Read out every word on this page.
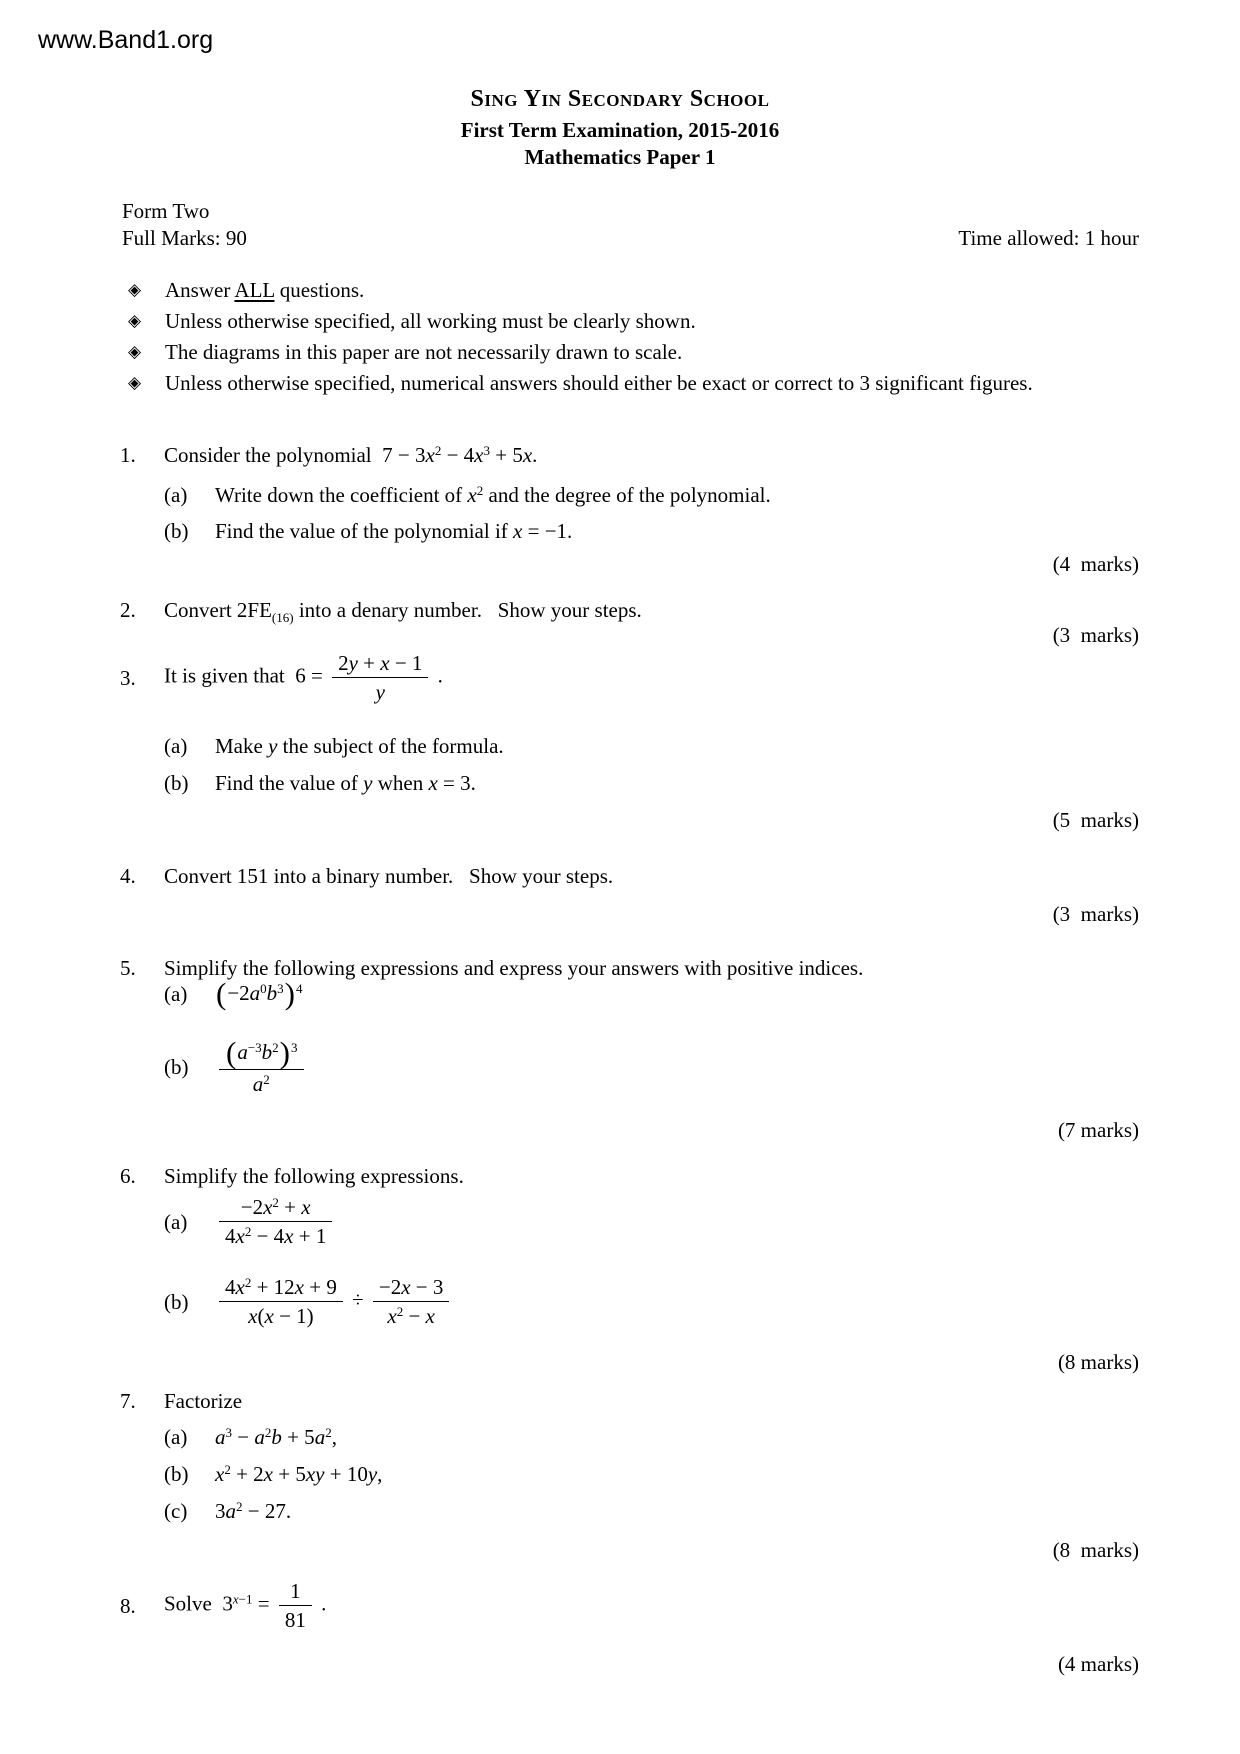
www.Band1.org
Sing Yin Secondary School
First Term Examination, 2015-2016
Mathematics Paper 1
Form Two
Full Marks: 90	Time allowed: 1 hour
◈	Answer ALL questions.
◈	Unless otherwise specified, all working must be clearly shown.
◈	The diagrams in this paper are not necessarily drawn to scale.
◈	Unless otherwise specified, numerical answers should either be exact or correct to 3 significant figures.
1.	Consider the polynomial  $7 - 3x^2 - 4x^3 + 5x$.
(a)	Write down the coefficient of $x^2$ and the degree of the polynomial.
(b)	Find the value of the polynomial if x = −1.
(4  marks)
2.	Convert $2FE_{(16)}$ into a denary number.   Show your steps.
(3  marks)
3.	It is given that  $6 = \frac{2y + x - 1}{y}$ .
(a)	Make y the subject of the formula.
(b)	Find the value of y when x = 3.
(5  marks)
4.	Convert 151 into a binary number.   Show your steps.
(3  marks)
5.	Simplify the following expressions and express your answers with positive indices.
(a) $(-2a^0b^3)^4$
$(b) \frac{(a^{-3}b^2)^3}{a^2}$
(7 marks)
6.	Simplify the following expressions.
(a)	$\frac{-2x^2 + x}{4x^2 - 4x + 1}$
(b)	$\frac{4x^2 + 12x + 9}{x(x - 1)} \div \frac{-2x - 3}{x^2 - x}$
(8 marks)
7.	Factorize
(a)	$a^3 - a^2b + 5a^2$,
(b)	$x^2 + 2x + 5xy + 10y$,
(c)	$3a^2 - 27$.
(8  marks)
8.	Solve  $3^{x-1} = \frac{1}{81}$ .
(4 marks)
